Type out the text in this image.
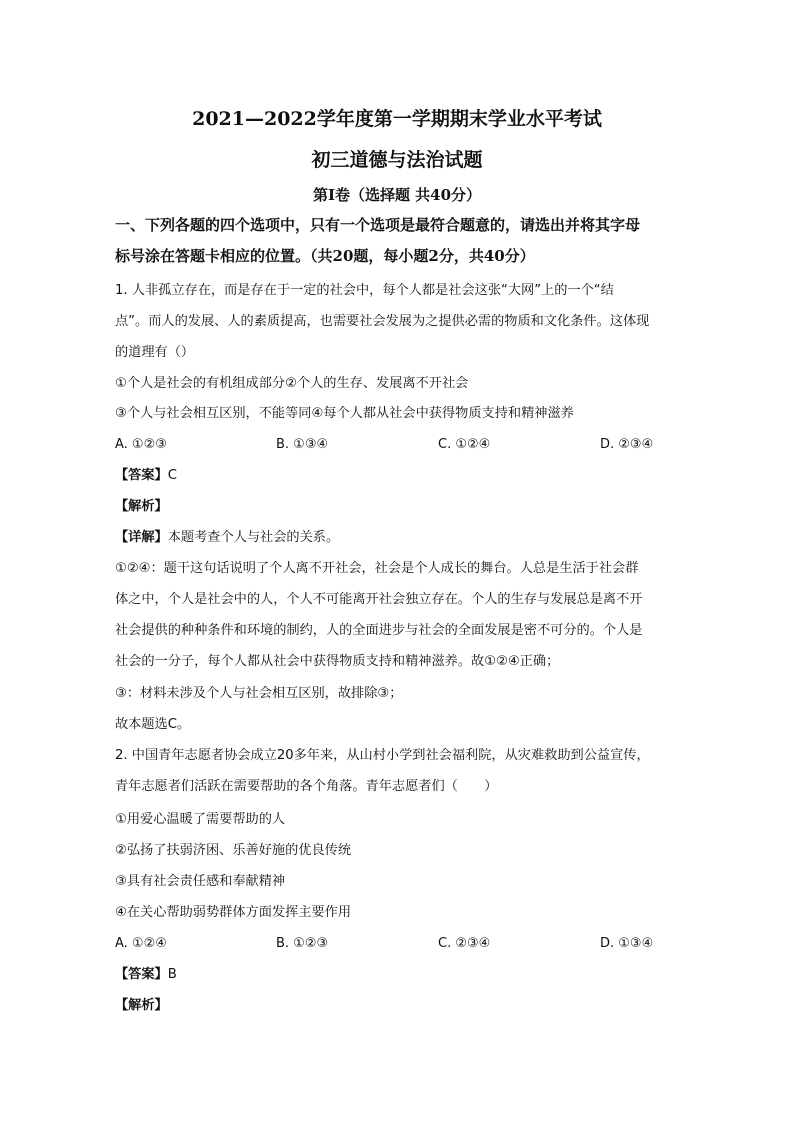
2021—2022学年度第一学期期末学业水平考试
初三道德与法治试题
第I卷（选择题 共40分）
一、下列各题的四个选项中，只有一个选项是最符合题意的，请选出并将其字母
标号涂在答题卡相应的位置。（共20题，每小题2分，共40分）
1. 人非孤立存在，而是存在于一定的社会中，每个人都是社会这张“大网”上的一个“结
点”。而人的发展、人的素质提高，也需要社会发展为之提供必需的物质和文化条件。这体现
的道理有（）
①个人是社会的有机组成部分②个人的生存、发展离不开社会
③个人与社会相互区别，不能等同④每个人都从社会中获得物质支持和精神滋养
A. ①②③	B. ①③④	C. ①②④	D. ②③④
【答案】C
【解析】
【详解】本题考查个人与社会的关系。
①②④：题干这句话说明了个人离不开社会，社会是个人成长的舞台。人总是生活于社会群
体之中，个人是社会中的人，个人不可能离开社会独立存在。个人的生存与发展总是离不开
社会提供的种种条件和环境的制约，人的全面进步与社会的全面发展是密不可分的。个人是
社会的一分子，每个人都从社会中获得物质支持和精神滋养。故①②④正确；
③：材料未涉及个人与社会相互区别，故排除③；
故本题选C。
2. 中国青年志愿者协会成立20多年来，从山村小学到社会福利院，从灾难救助到公益宣传，
青年志愿者们活跃在需要帮助的各个角落。青年志愿者们（　　）
①用爱心温暖了需要帮助的人
②弘扬了扶弱济困、乐善好施的优良传统
③具有社会责任感和奉献精神
④在关心帮助弱势群体方面发挥主要作用
A. ①②④	B. ①②③	C. ②③④	D. ①③④
【答案】B
【解析】
